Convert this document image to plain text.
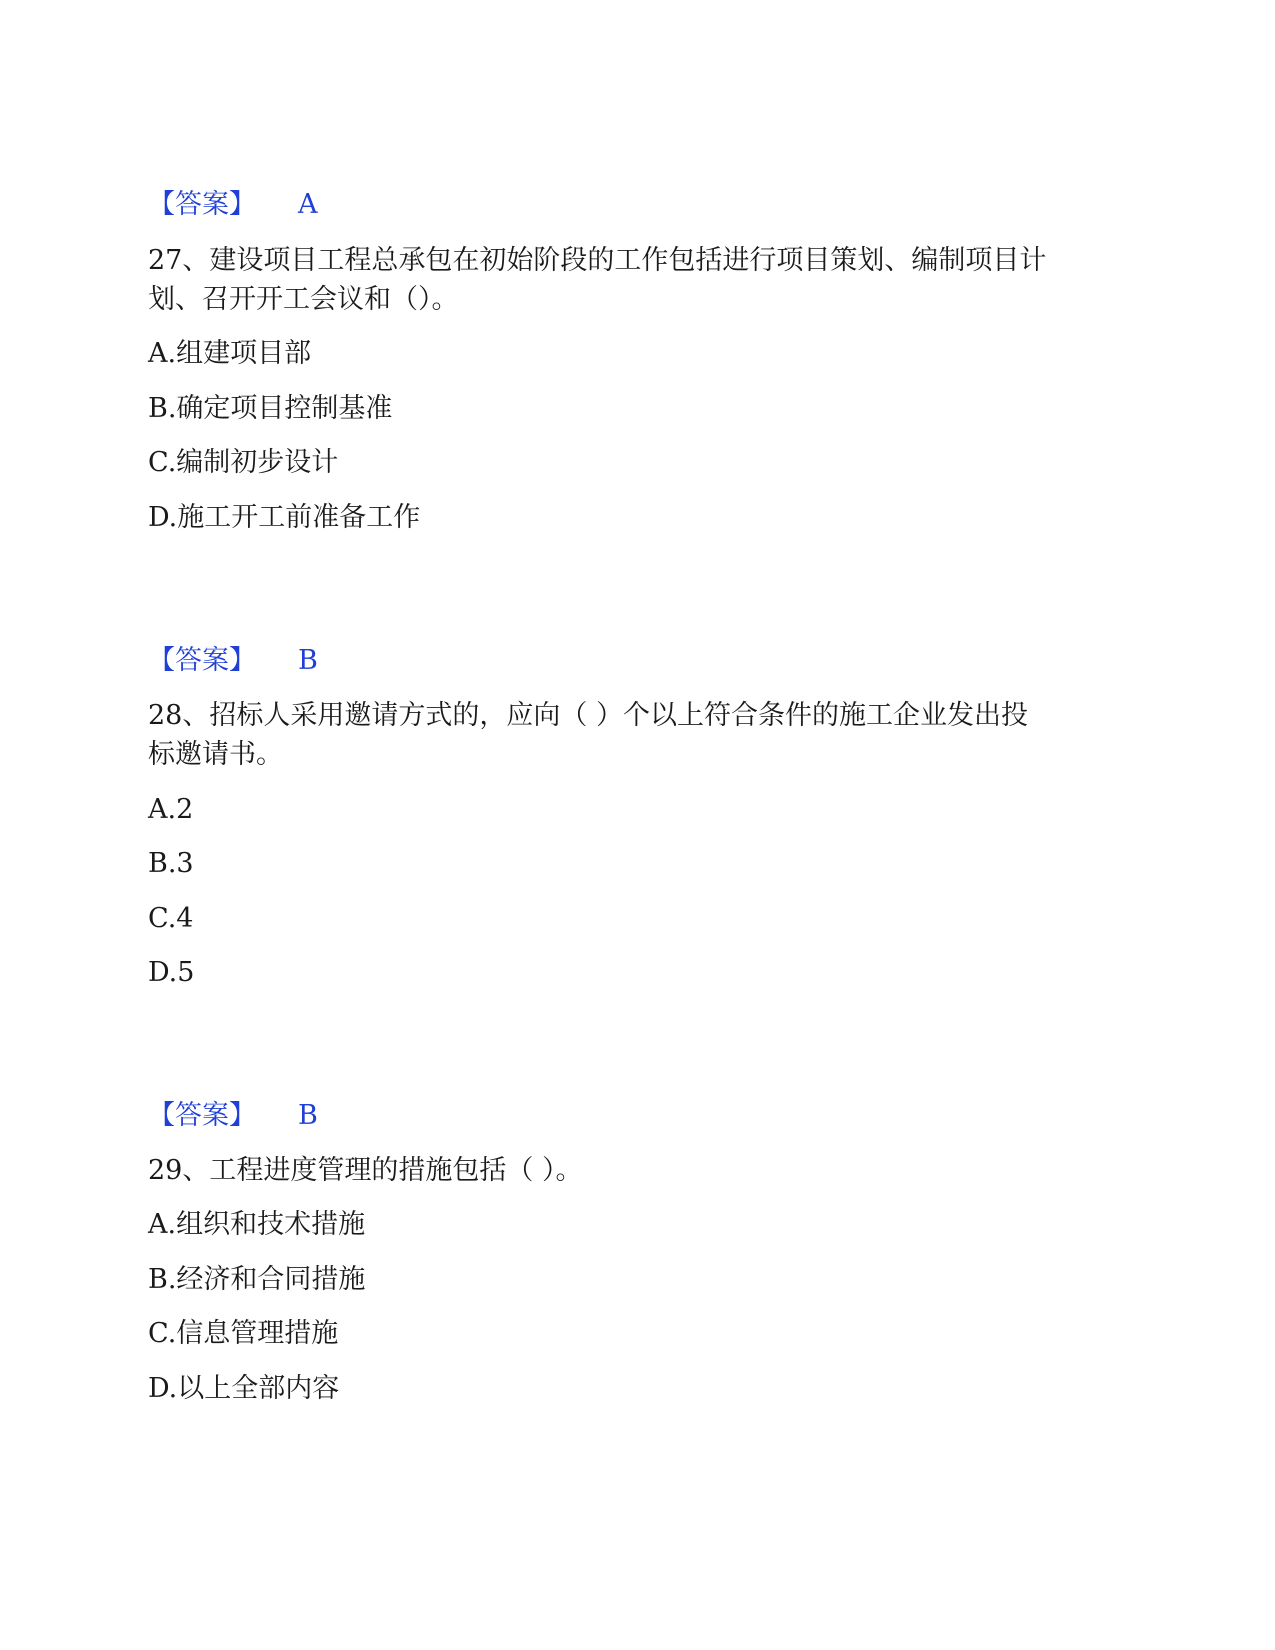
【答案】 A
27、建设项目工程总承包在初始阶段的工作包括进行项目策划、编制项目计
划、召开开工会议和（）。
A.组建项目部
B.确定项目控制基准
C.编制初步设计
D.施工开工前准备工作
【答案】 B
28、招标人采用邀请方式的，应向（ ）个以上符合条件的施工企业发出投
标邀请书。
A.2
B.3
C.4
D.5
【答案】 B
29、工程进度管理的措施包括（ ）。
A.组织和技术措施
B.经济和合同措施
C.信息管理措施
D.以上全部内容
